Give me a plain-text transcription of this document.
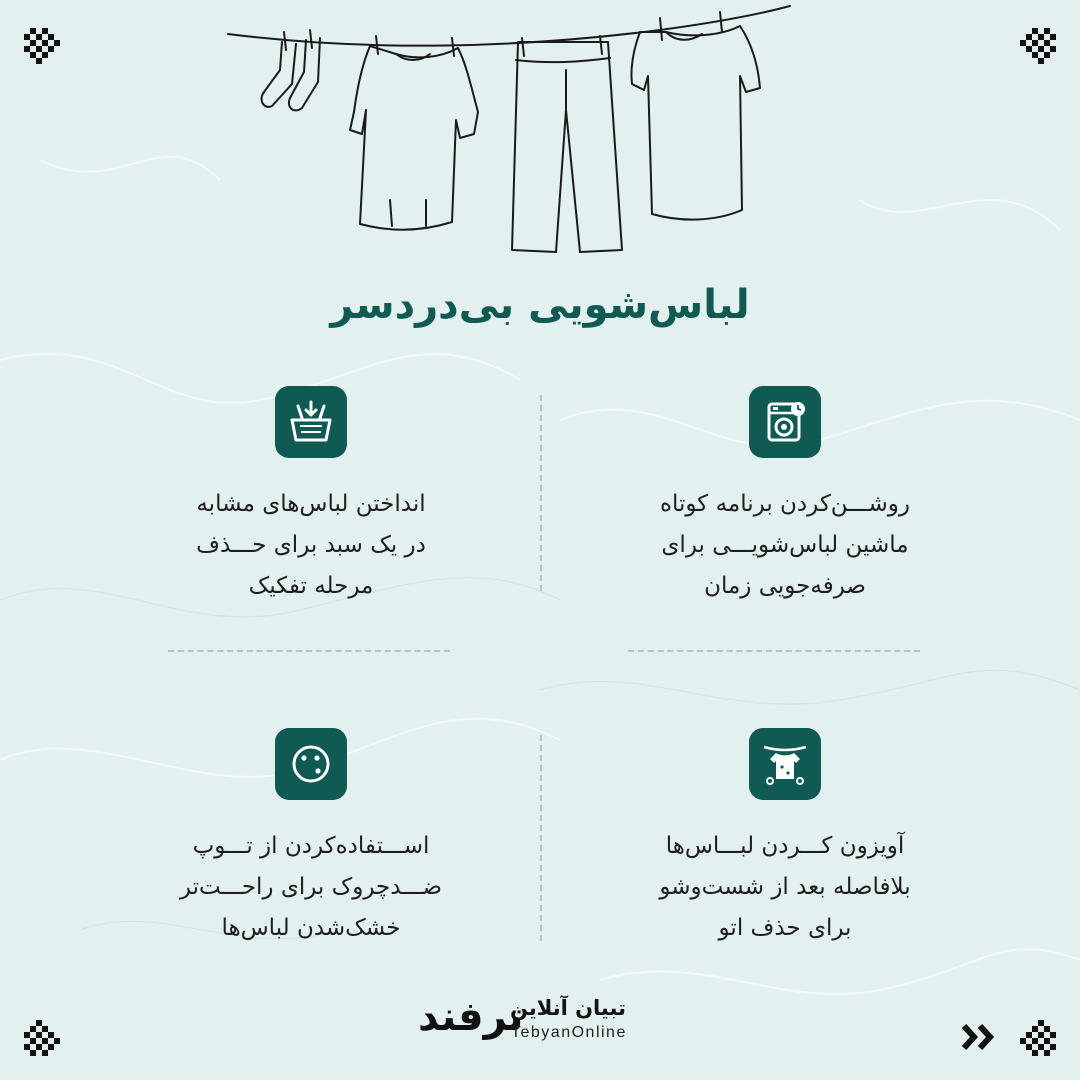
لباس‌شویی بی‌دردسر
روشـــن‌کردن برنامه کوتاه
ماشین لباس‌شویـــی برای
صرفه‌جویی زمان
انداختن لباس‌های مشابه
در یک سبد برای حـــذف
مرحله تفکیک
آویزون کـــردن لبـــاس‌ها
بلافاصله بعد از شست‌وشو
برای حذف اتو
اســـتفاده‌کردن از تـــوپ
ضـــدچروک برای راحـــت‌تر
خشک‌شدن لباس‌ها
ترفند
تبیان آنلاین
TebyanOnline
